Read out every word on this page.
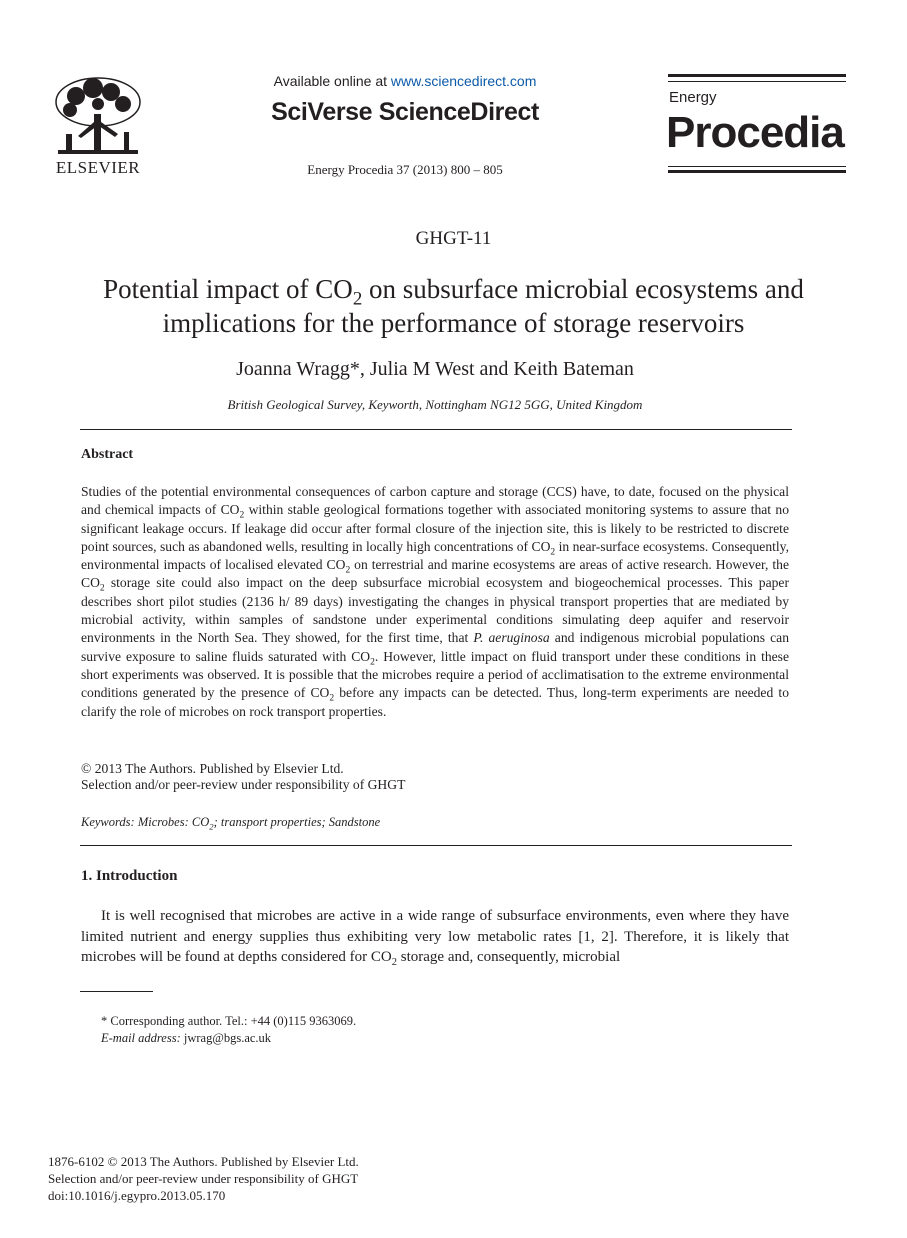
ELSEVIER
Available online at www.sciencedirect.com
SciVerse ScienceDirect
Energy Procedia 37 (2013) 800 – 805
Energy
Procedia
GHGT-11
Potential impact of $CO_2$ on subsurface microbial ecosystems and implications for the performance of storage reservoirs
Joanna Wragg*, Julia M West and Keith Bateman
British Geological Survey, Keyworth, Nottingham NG12 5GG, United Kingdom
Abstract
Studies of the potential environmental consequences of carbon capture and storage (CCS) have, to date, focused on the physical and chemical impacts of $CO_2$ within stable geological formations together with associated monitoring systems to assure that no significant leakage occurs. If leakage did occur after formal closure of the injection site, this is likely to be restricted to discrete point sources, such as abandoned wells, resulting in locally high concentrations of $CO_2$ in near-surface ecosystems. Consequently, environmental impacts of localised elevated $CO_2$ on terrestrial and marine ecosystems are areas of active research. However, the $CO_2$ storage site could also impact on the deep subsurface microbial ecosystem and biogeochemical processes. This paper describes short pilot studies (2136 h/ 89 days) investigating the changes in physical transport properties that are mediated by microbial activity, within samples of sandstone under experimental conditions simulating deep aquifer and reservoir environments in the North Sea. They showed, for the first time, that P. aeruginosa and indigenous microbial populations can survive exposure to saline fluids saturated with $CO_2$. However, little impact on fluid transport under these conditions in these short experiments was observed. It is possible that the microbes require a period of acclimatisation to the extreme environmental conditions generated by the presence of $CO_2$ before any impacts can be detected. Thus, long-term experiments are needed to clarify the role of microbes on rock transport properties.
© 2013 The Authors. Published by Elsevier Ltd.
Selection and/or peer-review under responsibility of GHGT
Keywords: Microbes: $CO_2$; transport properties; Sandstone
1. Introduction
It is well recognised that microbes are active in a wide range of subsurface environments, even where they have limited nutrient and energy supplies thus exhibiting very low metabolic rates [1, 2]. Therefore, it is likely that microbes will be found at depths considered for $CO_2$ storage and, consequently, microbial
* Corresponding author. Tel.: +44 (0)115 9363069.
E-mail address: jwrag@bgs.ac.uk
1876-6102 © 2013 The Authors. Published by Elsevier Ltd.
Selection and/or peer-review under responsibility of GHGT
doi:10.1016/j.egypro.2013.05.170
